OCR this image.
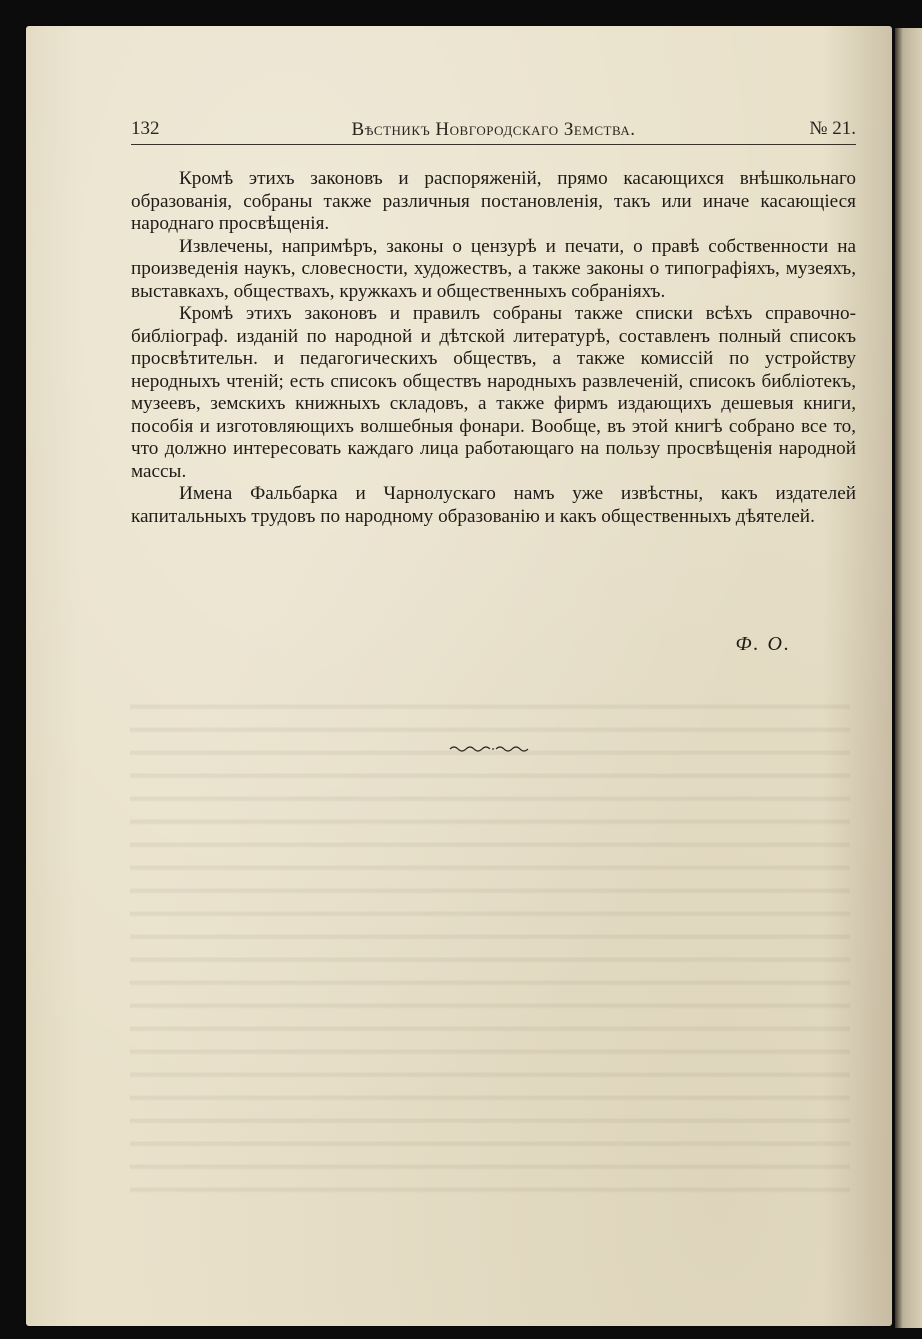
132	Вѣстникъ Новгородскаго Земства.	№ 21.

Кромѣ этихъ законовъ и распоряженій, прямо касающихся внѣшкольнаго образованія, собраны также различныя постановленія, такъ или иначе касающіеся народнаго просвѣщенія.

Извлечены, напримѣръ, законы о цензурѣ и печати, о правѣ собственности на произведенія наукъ, словесности, художествъ, а также законы о типографіяхъ, музеяхъ, выставкахъ, обществахъ, кружкахъ и общественныхъ собраніяхъ.

Кромѣ этихъ законовъ и правилъ собраны также списки всѣхъ справочно-библіограф. изданій по народной и дѣтской литературѣ, составленъ полный списокъ просвѣтительн. и педагогическихъ обществъ, а также комиссій по устройству неродныхъ чтеній; есть списокъ обществъ народныхъ развлеченій, списокъ библіотекъ, музеевъ, земскихъ книжныхъ складовъ, а также фирмъ издающихъ дешевыя книги, пособія и изготовляющихъ волшебныя фонари. Вообще, въ этой книгѣ собрано все то, что должно интересовать каждаго лица работающаго на пользу просвѣщенія народной массы.

Имена Фальбарка и Чарнолускаго намъ уже извѣстны, какъ издателей капитальныхъ трудовъ по народному образованію и какъ общественныхъ дѣятелей.

Ф. О.
